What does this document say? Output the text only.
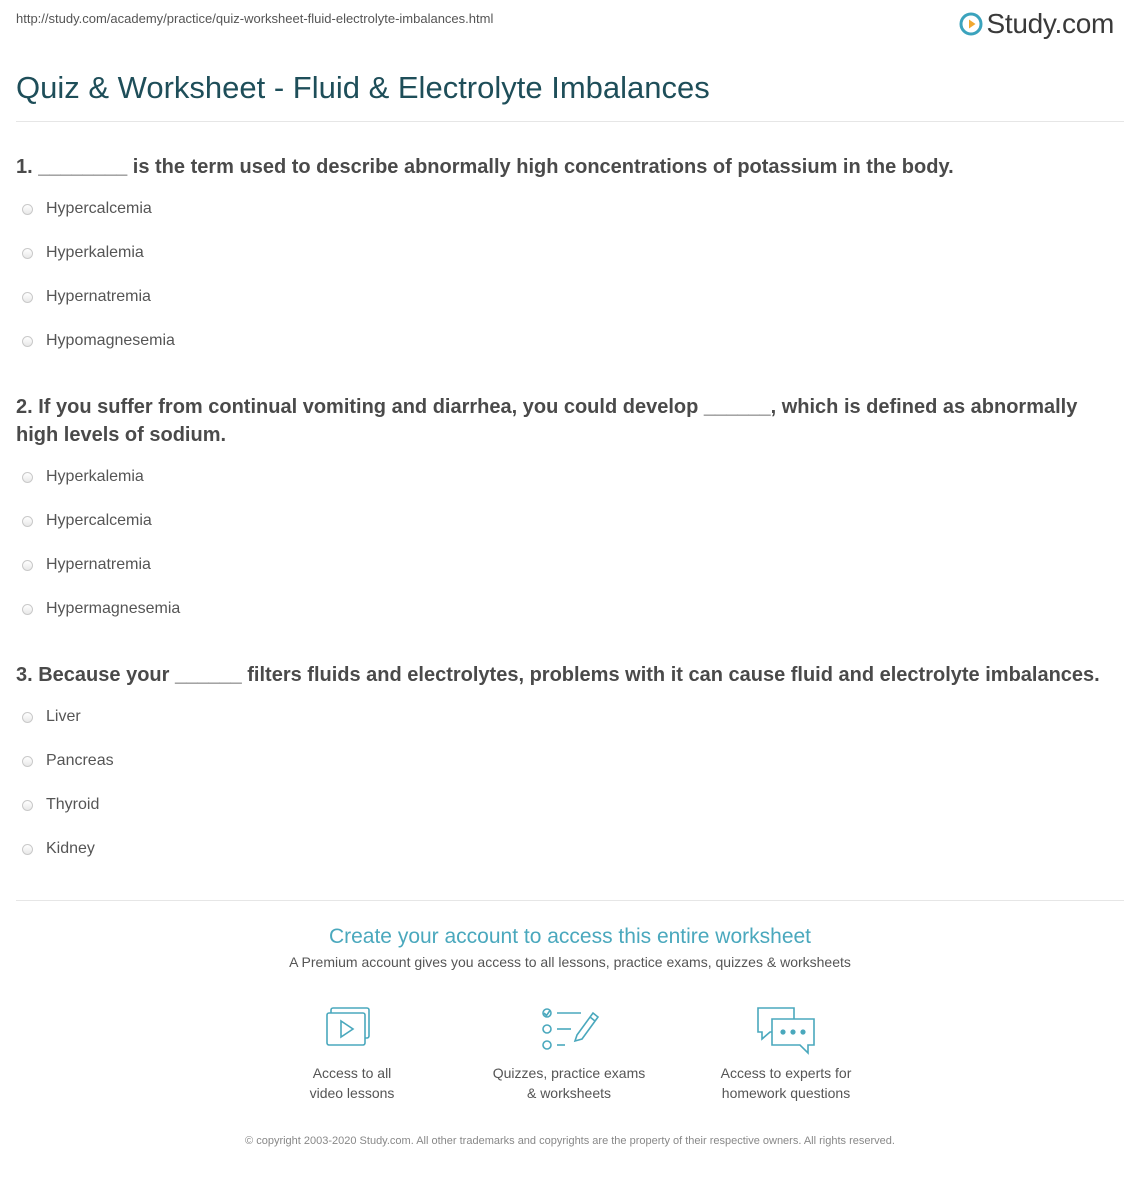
http://study.com/academy/practice/quiz-worksheet-fluid-electrolyte-imbalances.html	Study.com
Quiz & Worksheet - Fluid & Electrolyte Imbalances
1. ________ is the term used to describe abnormally high concentrations of potassium in the body.
Hypercalcemia
Hyperkalemia
Hypernatremia
Hypomagnesemia
2. If you suffer from continual vomiting and diarrhea, you could develop ______, which is defined as abnormally high levels of sodium.
Hyperkalemia
Hypercalcemia
Hypernatremia
Hypermagnesemia
3. Because your ______ filters fluids and electrolytes, problems with it can cause fluid and electrolyte imbalances.
Liver
Pancreas
Thyroid
Kidney
Create your account to access this entire worksheet
A Premium account gives you access to all lessons, practice exams, quizzes & worksheets
Access to all
video lessons
Quizzes, practice exams
& worksheets
Access to experts for
homework questions
© copyright 2003-2020 Study.com. All other trademarks and copyrights are the property of their respective owners. All rights reserved.
